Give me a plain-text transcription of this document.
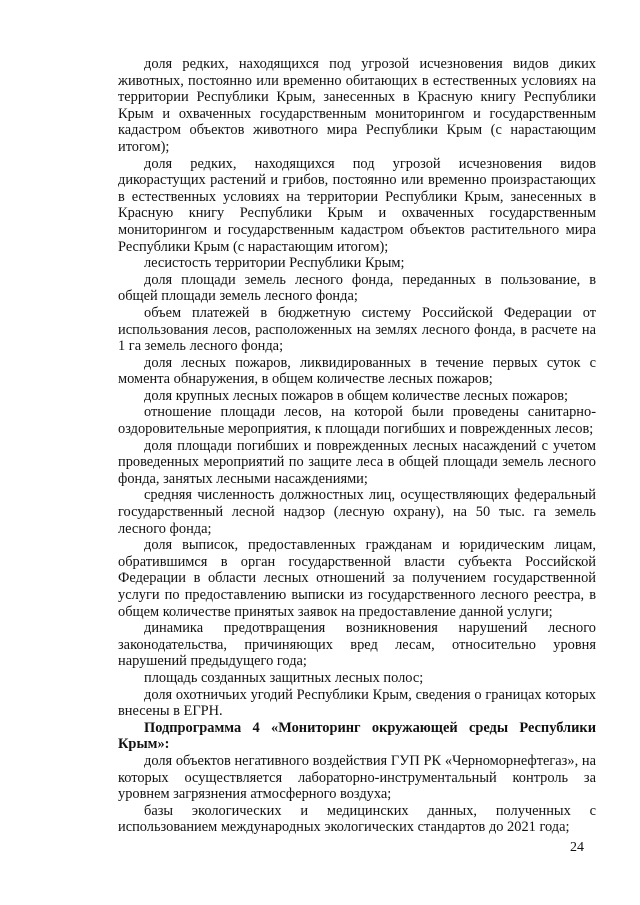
доля редких, находящихся под угрозой исчезновения видов диких животных, постоянно или временно обитающих в естественных условиях на территории Республики Крым, занесенных в Красную книгу Республики Крым и охваченных государственным мониторингом и государственным кадастром объектов животного мира Республики Крым (с нарастающим итогом);

доля редких, находящихся под угрозой исчезновения видов дикорастущих растений и грибов, постоянно или временно произрастающих в естественных условиях на территории Республики Крым, занесенных в Красную книгу Республики Крым и охваченных государственным мониторингом и государственным кадастром объектов растительного мира Республики Крым (с нарастающим итогом);

лесистость территории Республики Крым;

доля площади земель лесного фонда, переданных в пользование, в общей площади земель лесного фонда;

объем платежей в бюджетную систему Российской Федерации от использования лесов, расположенных на землях лесного фонда, в расчете на 1 га земель лесного фонда;

доля лесных пожаров, ликвидированных в течение первых суток с момента обнаружения, в общем количестве лесных пожаров;

доля крупных лесных пожаров в общем количестве лесных пожаров;

отношение площади лесов, на которой были проведены санитарно-оздоровительные мероприятия, к площади погибших и поврежденных лесов;

доля площади погибших и поврежденных лесных насаждений с учетом проведенных мероприятий по защите леса в общей площади земель лесного фонда, занятых лесными насаждениями;

средняя численность должностных лиц, осуществляющих федеральный государственный лесной надзор (лесную охрану), на 50 тыс. га земель лесного фонда;

доля выписок, предоставленных гражданам и юридическим лицам, обратившимся в орган государственной власти субъекта Российской Федерации в области лесных отношений за получением государственной услуги по предоставлению выписки из государственного лесного реестра, в общем количестве принятых заявок на предоставление данной услуги;

динамика предотвращения возникновения нарушений лесного законодательства, причиняющих вред лесам, относительно уровня нарушений предыдущего года;

площадь созданных защитных лесных полос;

доля охотничьих угодий Республики Крым, сведения о границах которых внесены в ЕГРН.

Подпрограмма 4 «Мониторинг окружающей среды Республики Крым»:

доля объектов негативного воздействия ГУП РК «Черноморнефтегаз», на которых осуществляется лабораторно-инструментальный контроль за уровнем загрязнения атмосферного воздуха;

базы экологических и медицинских данных, полученных с использованием международных экологических стандартов до 2021 года;

24
